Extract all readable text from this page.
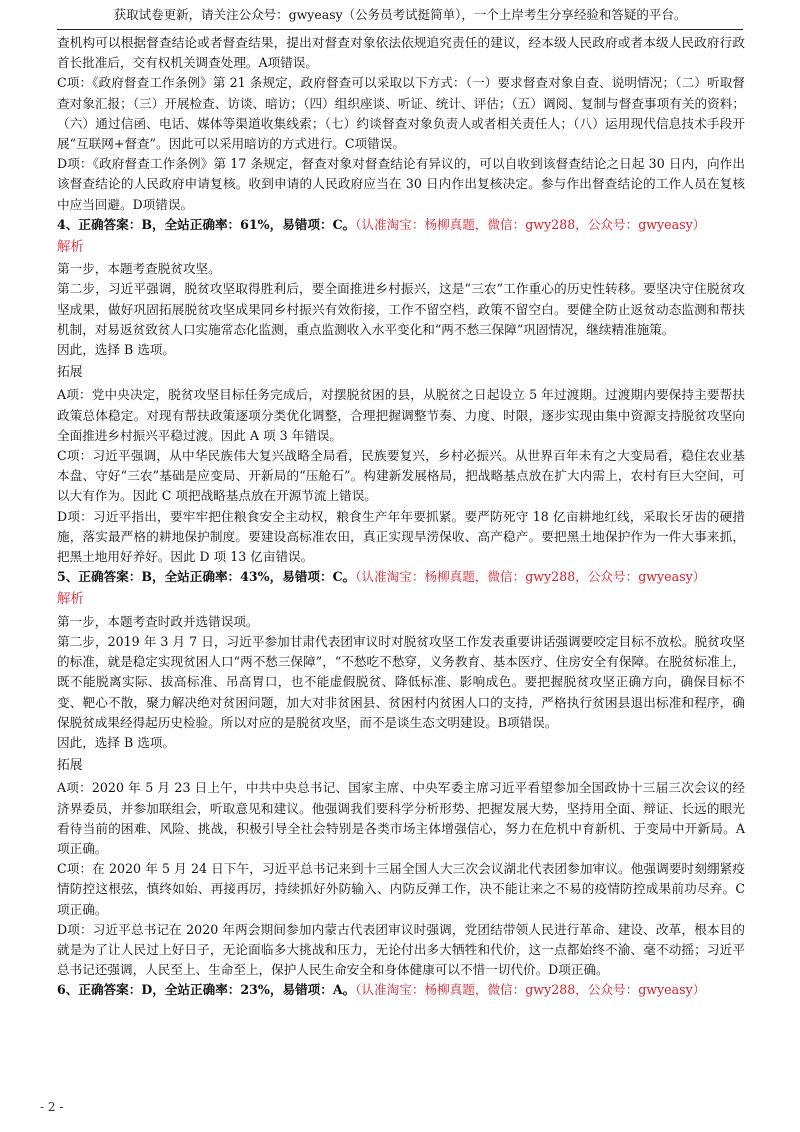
获取试卷更新，请关注公众号：gwyeasy（公务员考试挺简单），一个上岸考生分享经验和答疑的平台。

查机构可以根据督查结论或者督查结果，提出对督查对象依法依规追究责任的建议，经本级人民政府或者本级人民政府行政首长批准后，交有权机关调查处理。A项错误。

C项：《政府督查工作条例》第 21 条规定，政府督查可以采取以下方式：（一）要求督查对象自查、说明情况；（二）听取督查对象汇报；（三）开展检查、访谈、暗访；（四）组织座谈、听证、统计、评估；（五）调阅、复制与督查事项有关的资料；（六）通过信函、电话、媒体等渠道收集线索；（七）约谈督查对象负责人或者相关责任人；（八）运用现代信息技术手段开展“互联网+督查”。因此可以采用暗访的方式进行。C项错误。

D项：《政府督查工作条例》第 17 条规定，督查对象对督查结论有异议的，可以自收到该督查结论之日起 30 日内，向作出该督查结论的人民政府申请复核。收到申请的人民政府应当在 30 日内作出复核决定。参与作出督查结论的工作人员在复核中应当回避。D项错误。

4、正确答案：B，全站正确率：61%，易错项：C。（认准淘宝：杨柳真题，微信：gwy288，公众号：gwyeasy）

解析

第一步，本题考查脱贫攻坚。

第二步，习近平强调，脱贫攻坚取得胜利后，要全面推进乡村振兴，这是“三农”工作重心的历史性转移。要坚决守住脱贫攻坚成果，做好巩固拓展脱贫攻坚成果同乡村振兴有效衔接，工作不留空档，政策不留空白。要健全防止返贫动态监测和帮扶机制，对易返贫致贫人口实施常态化监测，重点监测收入水平变化和“两不愁三保障”巩固情况，继续精准施策。

因此，选择 B 选项。

拓展

A项：党中央决定，脱贫攻坚目标任务完成后，对摆脱贫困的县，从脱贫之日起设立 5 年过渡期。过渡期内要保持主要帮扶政策总体稳定。对现有帮扶政策逐项分类优化调整，合理把握调整节奏、力度、时限，逐步实现由集中资源支持脱贫攻坚向全面推进乡村振兴平稳过渡。因此 A 项 3 年错误。

C项：习近平强调，从中华民族伟大复兴战略全局看，民族要复兴，乡村必振兴。从世界百年未有之大变局看，稳住农业基本盘、守好“三农”基础是应变局、开新局的“压舱石”。构建新发展格局，把战略基点放在扩大内需上，农村有巨大空间，可以大有作为。因此 C 项把战略基点放在开源节流上错误。

D项：习近平指出，要牢牢把住粮食安全主动权，粮食生产年年要抓紧。要严防死守 18 亿亩耕地红线，采取长牙齿的硬措施，落实最严格的耕地保护制度。要建设高标准农田，真正实现旱涝保收、高产稳产。要把黑土地保护作为一件大事来抓，把黑土地用好养好。因此 D 项 13 亿亩错误。

5、正确答案：B，全站正确率：43%，易错项：C。（认准淘宝：杨柳真题，微信：gwy288，公众号：gwyeasy）

解析

第一步，本题考查时政并选错误项。

第二步，2019 年 3 月 7 日，习近平参加甘肃代表团审议时对脱贫攻坚工作发表重要讲话强调要咬定目标不放松。脱贫攻坚的标准，就是稳定实现贫困人口“两不愁三保障”，“不愁吃不愁穿，义务教育、基本医疗、住房安全有保障。在脱贫标准上，既不能脱离实际、拔高标准、吊高胃口，也不能虚假脱贫、降低标准、影响成色。要把握脱贫攻坚正确方向，确保目标不变、靶心不散，聚力解决绝对贫困问题，加大对非贫困县、贫困村内贫困人口的支持，严格执行贫困县退出标准和程序，确保脱贫成果经得起历史检验。所以对应的是脱贫攻坚，而不是谈生态文明建设。B项错误。

因此，选择 B 选项。

拓展

A项：2020 年 5 月 23 日上午，中共中央总书记、国家主席、中央军委主席习近平看望参加全国政协十三届三次会议的经济界委员，并参加联组会，听取意见和建议。他强调我们要科学分析形势、把握发展大势，坚持用全面、辩证、长远的眼光看待当前的困难、风险、挑战，积极引导全社会特别是各类市场主体增强信心，努力在危机中育新机、于变局中开新局。A项正确。

C项：在 2020 年 5 月 24 日下午，习近平总书记来到十三届全国人大三次会议湖北代表团参加审议。他强调要时刻绷紧疫情防控这根弦，慎终如始、再接再厉，持续抓好外防输入、内防反弹工作，决不能让来之不易的疫情防控成果前功尽弃。C项正确。

D项：习近平总书记在 2020 年两会期间参加内蒙古代表团审议时强调，党团结带领人民进行革命、建设、改革，根本目的就是为了让人民过上好日子，无论面临多大挑战和压力，无论付出多大牺牲和代价，这一点都始终不渝、毫不动摇；习近平总书记还强调，人民至上、生命至上，保护人民生命安全和身体健康可以不惜一切代价。D项正确。

6、正确答案：D，全站正确率：23%，易错项：A。（认准淘宝：杨柳真题，微信：gwy288，公众号：gwyeasy）

- 2 -
